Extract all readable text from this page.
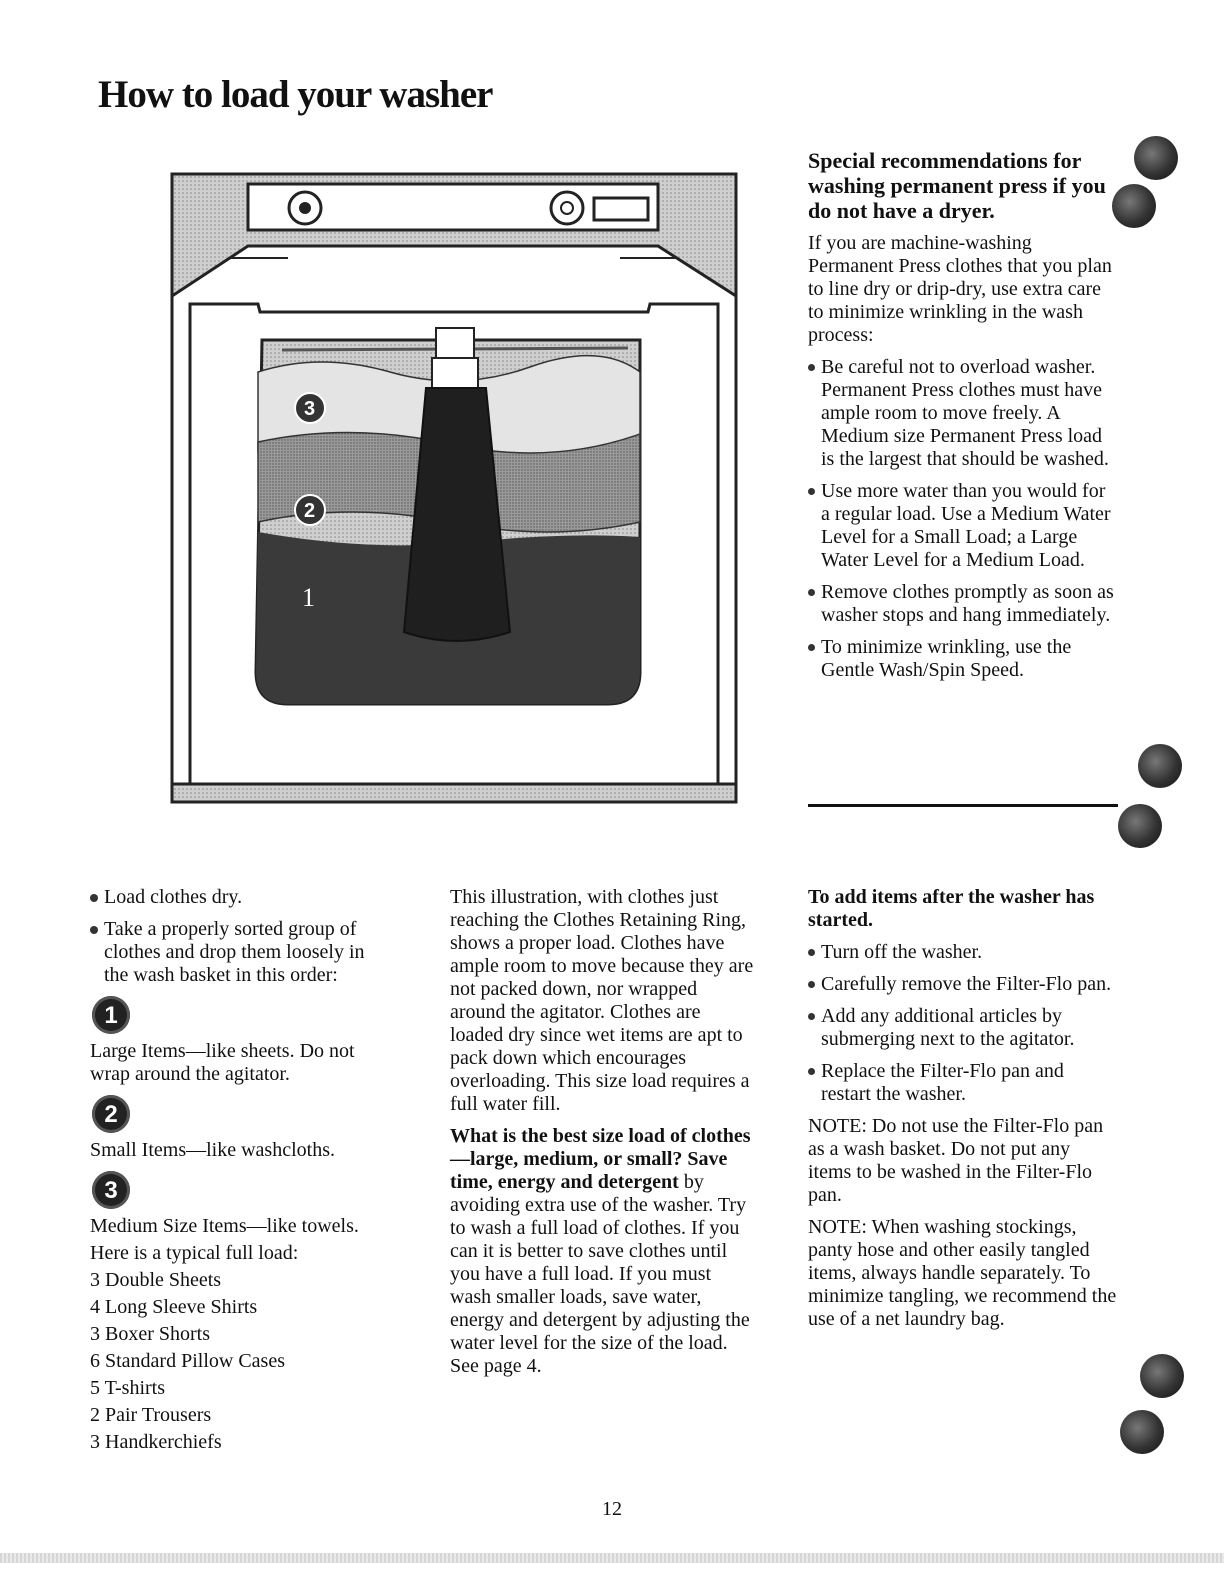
How to load your washer
3
2
1

Special recommendations for washing permanent press if you do not have a dryer.

If you are machine-washing Permanent Press clothes that you plan to line dry or drip-dry, use extra care to minimize wrinkling in the wash process:

Be careful not to overload washer. Permanent Press clothes must have ample room to move freely. A Medium size Permanent Press load is the largest that should be washed.
Use more water than you would for a regular load. Use a Medium Water Level for a Small Load; a Large Water Level for a Medium Load.
Remove clothes promptly as soon as washer stops and hang immediately.
To minimize wrinkling, use the Gentle Wash/Spin Speed.
Load clothes dry.
Take a properly sorted group of clothes and drop them loosely in the wash basket in this order:
1

Large Items—like sheets. Do not wrap around the agitator.

2

Small Items—like washcloths.

3

Medium Size Items—like towels.

Here is a typical full load:

3 Double Sheets
4 Long Sleeve Shirts
3 Boxer Shorts
6 Standard Pillow Cases
5 T-shirts
2 Pair Trousers
3 Handkerchiefs

This illustration, with clothes just reaching the Clothes Retaining Ring, shows a proper load. Clothes have ample room to move because they are not packed down, nor wrapped around the agitator. Clothes are loaded dry since wet items are apt to pack down which encourages overloading. This size load requires a full water fill.

What is the best size load of clothes—large, medium, or small? Save time, energy and detergent by avoiding extra use of the washer. Try to wash a full load of clothes. If you can it is better to save clothes until you have a full load. If you must wash smaller loads, save water, energy and detergent by adjusting the water level for the size of the load. See page 4.

To add items after the washer has started.

Turn off the washer.
Carefully remove the Filter-Flo pan.
Add any additional articles by submerging next to the agitator.
Replace the Filter-Flo pan and restart the washer.

NOTE: Do not use the Filter-Flo pan as a wash basket. Do not put any items to be washed in the Filter-Flo pan.

NOTE: When washing stockings, panty hose and other easily tangled items, always handle separately. To minimize tangling, we recommend the use of a net laundry bag.

12
